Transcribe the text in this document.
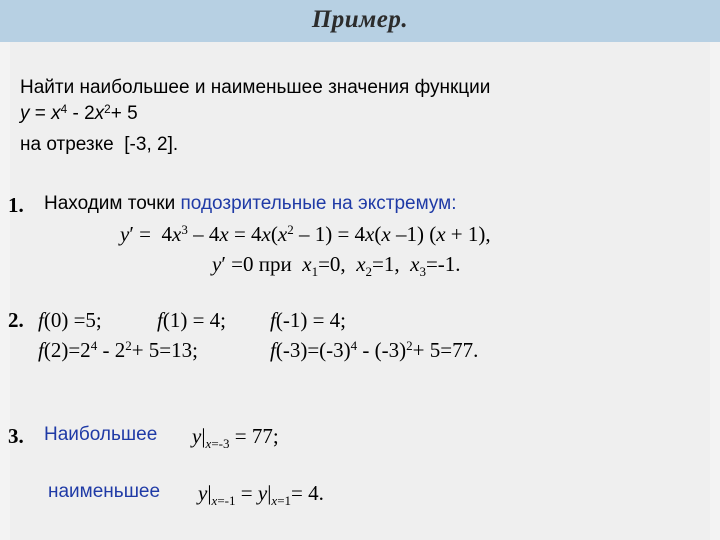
Пример.
Найти наибольшее и наименьшее значения функции
$y = x^4 - 2x^2+ 5$
на отрезке [-3, 2].
1. Находим точки подозрительные на экстремум:
$y' = 4x^3 - 4x = 4x(x^2 - 1) = 4x(x$ –1) (x + 1),
y′ =0 при $x_1=0$,  $x_2=1$,  $x_3=-1$.
2. f(0) =5;	f(1) = 4; f(-1) = 4;
$f(2)=2^4 - 2^2+ 5=13$;	$f(-3)=(-3)^4 - (-3)^2+ 5=77$.
3. Наибольшее $y|_{x=-3} = 77$;
наименьшее $y|_{x=-1} = y|_{x=1}= 4$.
